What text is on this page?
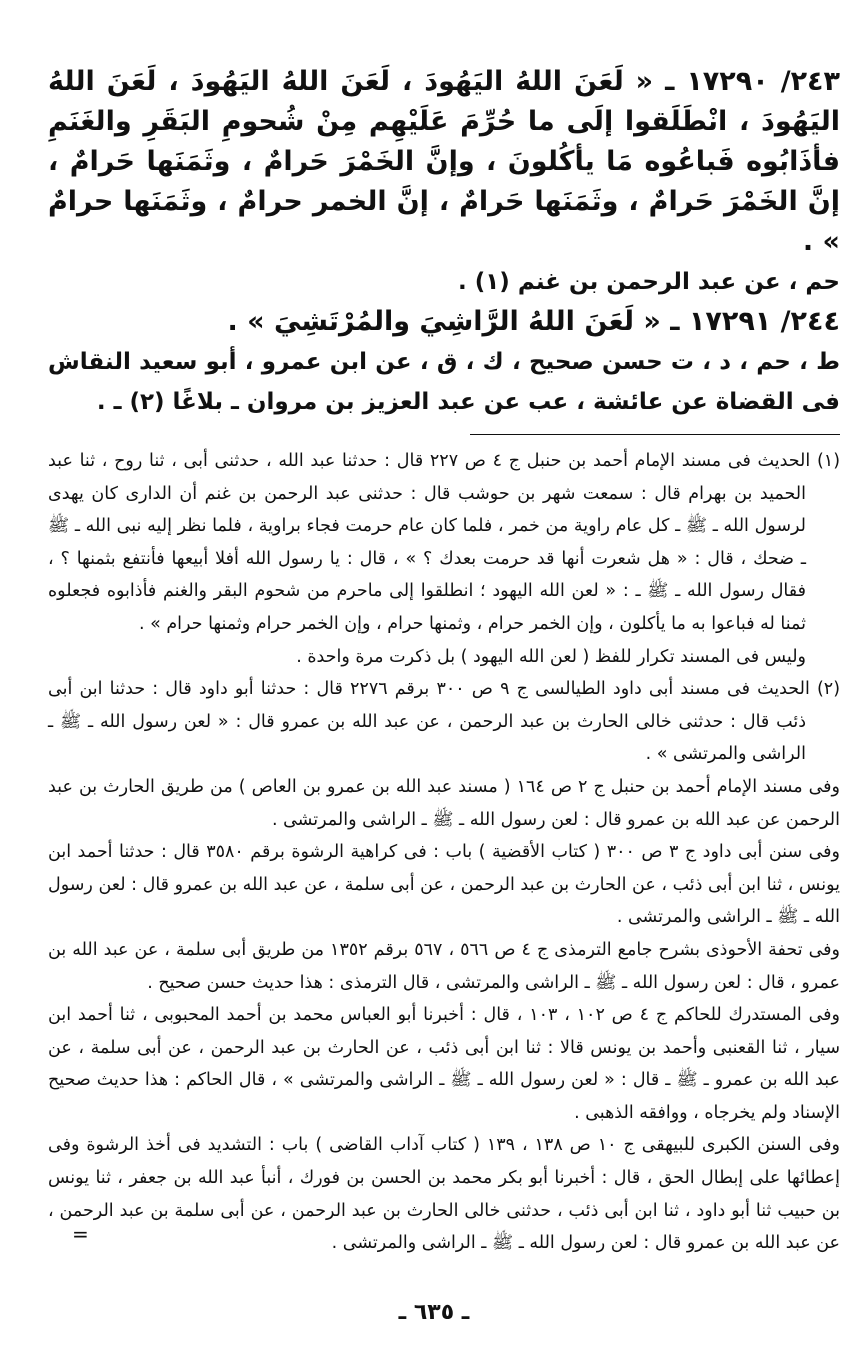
٢٤٣/ ١٧٢٩٠ ـ « لَعَنَ اللهُ اليَهُودَ ، لَعَنَ اللهُ اليَهُودَ ، لَعَنَ اللهُ اليَهُودَ ، انْطَلَقوا إلَى ما حُرِّمَ عَلَيْهِم مِنْ شُحومِ البَقَرِ والغَنَمِ فأذَابُوه فَباعُوه مَا يأكُلونَ ، وإنَّ الخَمْرَ حَرامٌ ، وثَمَنَها حَرامٌ ، إنَّ الخَمْرَ حَرامٌ ، وثَمَنَها حَرامٌ ، إنَّ الخمر حرامٌ ، وثَمَنَها حرامٌ » .

حم ، عن عبد الرحمن بن غنم (١) .

٢٤٤/ ١٧٢٩١ ـ « لَعَنَ اللهُ الرَّاشِيَ والمُرْتَشِيَ » .

ط ، حم ، د ، ت حسن صحيح ، ك ، ق ، عن ابن عمرو ، أبو سعيد النقاش فى القضاة عن عائشة ، عب عن عبد العزيز بن مروان ـ بلاغًا (٢) ـ .

(١) الحديث فى مسند الإمام أحمد بن حنبل ج ٤ ص ٢٢٧ قال : حدثنا عبد الله ، حدثنى أبى ، ثنا روح ، ثنا عبد الحميد بن بهرام قال : سمعت شهر بن حوشب قال : حدثنى عبد الرحمن بن غنم أن الدارى كان يهدى لرسول الله ـ ﷺ ـ كل عام راوية من خمر ، فلما كان عام حرمت فجاء براوية ، فلما نظر إليه نبى الله ـ ﷺ ـ ضحك ، قال : « هل شعرت أنها قد حرمت بعدك ؟ » ، قال : يا رسول الله أفلا أبيعها فأنتفع بثمنها ؟ ، فقال رسول الله ـ ﷺ ـ : « لعن الله اليهود ؛ انطلقوا إلى ماحرم من شحوم البقر والغنم فأذابوه فجعلوه ثمنا له فباعوا به ما يأكلون ، وإن الخمر حرام ، وثمنها حرام ، وإن الخمر حرام وثمنها حرام » .

وليس فى المسند تكرار للفظ ( لعن الله اليهود ) بل ذكرت مرة واحدة .

(٢) الحديث فى مسند أبى داود الطيالسى ج ٩ ص ٣٠٠ برقم ٢٢٧٦ قال : حدثنا أبو داود قال : حدثنا ابن أبى ذئب قال : حدثنى خالى الحارث بن عبد الرحمن ، عن عبد الله بن عمرو قال : « لعن رسول الله ـ ﷺ ـ الراشى والمرتشى » .

وفى مسند الإمام أحمد بن حنبل ج ٢ ص ١٦٤ ( مسند عبد الله بن عمرو بن العاص ) من طريق الحارث بن عبد الرحمن عن عبد الله بن عمرو قال : لعن رسول الله ـ ﷺ ـ الراشى والمرتشى .

وفى سنن أبى داود ج ٣ ص ٣٠٠ ( كتاب الأقضية ) باب : فى كراهية الرشوة برقم ٣٥٨٠ قال : حدثنا أحمد ابن يونس ، ثنا ابن أبى ذئب ، عن الحارث بن عبد الرحمن ، عن أبى سلمة ، عن عبد الله بن عمرو قال : لعن رسول الله ـ ﷺ ـ الراشى والمرتشى .

وفى تحفة الأحوذى بشرح جامع الترمذى ج ٤ ص ٥٦٦ ، ٥٦٧ برقم ١٣٥٢ من طريق أبى سلمة ، عن عبد الله بن عمرو ، قال : لعن رسول الله ـ ﷺ ـ الراشى والمرتشى ، قال الترمذى : هذا حديث حسن صحيح .

وفى المستدرك للحاكم ج ٤ ص ١٠٢ ، ١٠٣ ، قال : أخبرنا أبو العباس محمد بن أحمد المحبوبى ، ثنا أحمد ابن سيار ، ثنا القعنبى وأحمد بن يونس قالا : ثنا ابن أبى ذئب ، عن الحارث بن عبد الرحمن ، عن أبى سلمة ، عن عبد الله بن عمرو ـ ﷺ ـ قال : « لعن رسول الله ـ ﷺ ـ الراشى والمرتشى » ، قال الحاكم : هذا حديث صحيح الإسناد ولم يخرجاه ، ووافقه الذهبى .

وفى السنن الكبرى للبيهقى ج ١٠ ص ١٣٨ ، ١٣٩ ( كتاب آداب القاضى ) باب : التشديد فى أخذ الرشوة وفى إعطائها على إبطال الحق ، قال : أخبرنا أبو بكر محمد بن الحسن بن فورك ، أنبأ عبد الله بن جعفر ، ثنا يونس بن حبيب ثنا أبو داود ، ثنا ابن أبى ذئب ، حدثنى خالى الحارث بن عبد الرحمن ، عن أبى سلمة بن عبد الرحمن ، عن عبد الله بن عمرو قال : لعن رسول الله ـ ﷺ ـ الراشى والمرتشى .

=
ـ ٦٣٥ ـ
